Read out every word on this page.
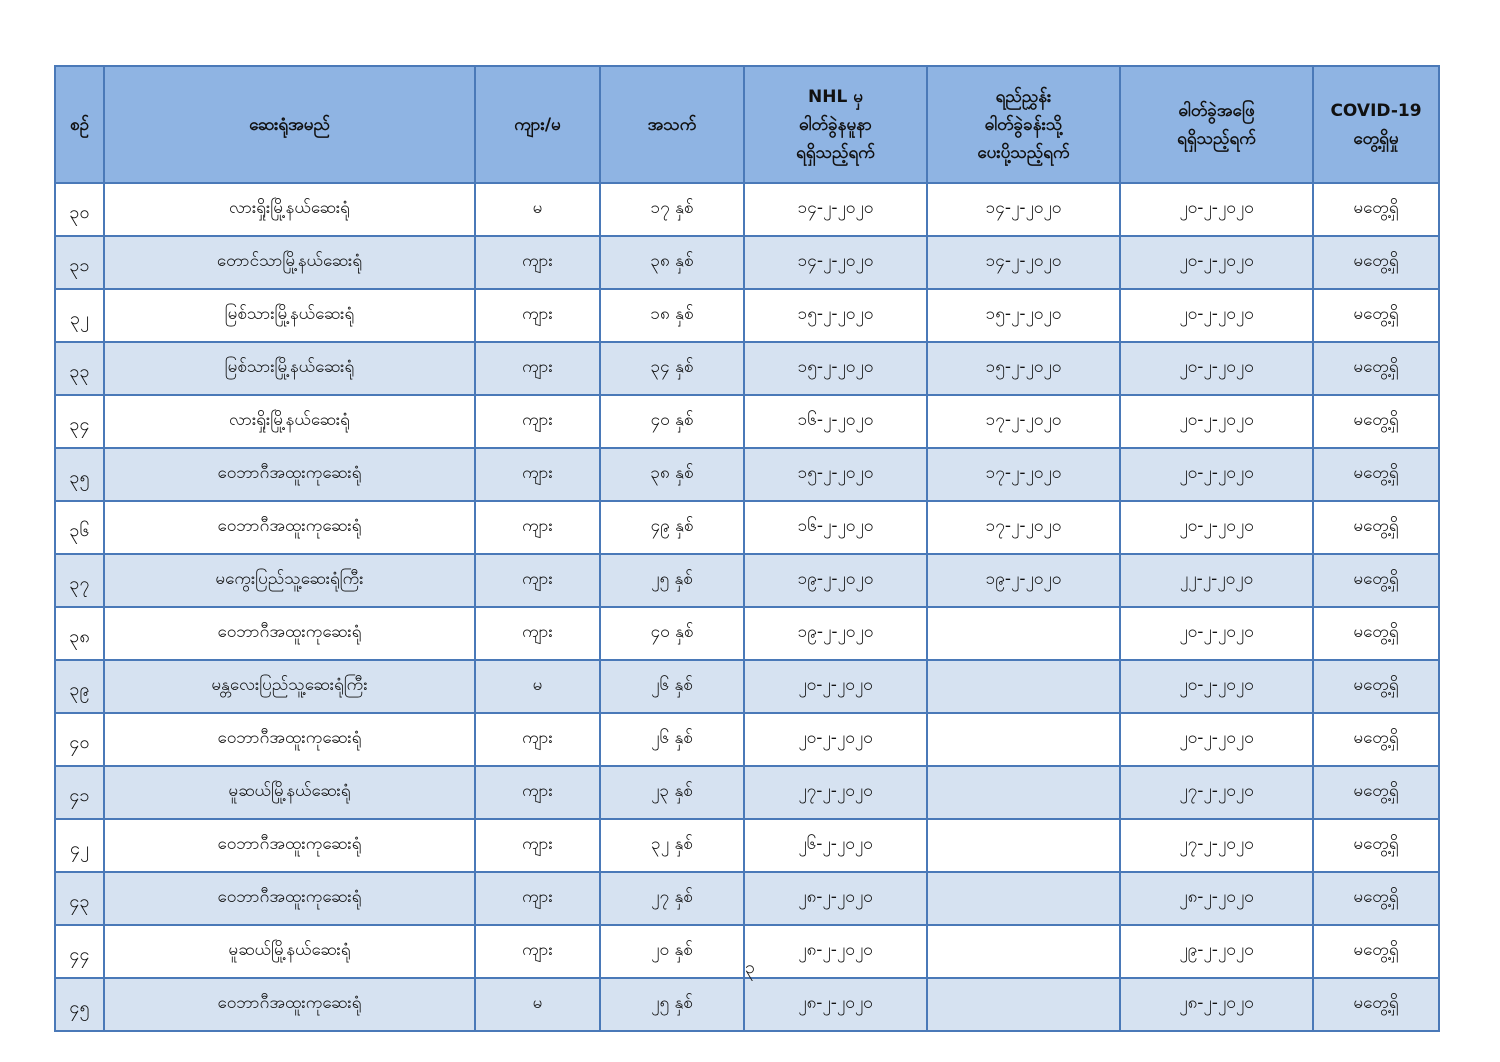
စဉ်	ဆေးရုံအမည်	ကျား/မ	အသက်	NHL မှ
ဓါတ်ခွဲနမူနာ
ရရှိသည့်ရက်	ရည်ညွှန်း
ဓါတ်ခွဲခန်းသို့
ပေးပို့သည့်ရက်	ဓါတ်ခွဲအဖြေ
ရရှိသည့်ရက်	COVID-19
တွေ့ရှိမှု

၃၀	လားရှိုးမြို့နယ်ဆေးရုံ	မ	၁၇ နှစ်	၁၄-၂-၂၀၂၀	၁၄-၂-၂၀၂၀	၂၀-၂-၂၀၂၀	မတွေ့ရှိ
၃၁	တောင်သာမြို့နယ်ဆေးရုံ	ကျား	၃၈ နှစ်	၁၄-၂-၂၀၂၀	၁၄-၂-၂၀၂၀	၂၀-၂-၂၀၂၀	မတွေ့ရှိ
၃၂	မြစ်သားမြို့နယ်ဆေးရုံ	ကျား	၁၈ နှစ်	၁၅-၂-၂၀၂၀	၁၅-၂-၂၀၂၀	၂၀-၂-၂၀၂၀	မတွေ့ရှိ
၃၃	မြစ်သားမြို့နယ်ဆေးရုံ	ကျား	၃၄ နှစ်	၁၅-၂-၂၀၂၀	၁၅-၂-၂၀၂၀	၂၀-၂-၂၀၂၀	မတွေ့ရှိ
၃၄	လားရှိုးမြို့နယ်ဆေးရုံ	ကျား	၄၀ နှစ်	၁၆-၂-၂၀၂၀	၁၇-၂-၂၀၂၀	၂၀-၂-၂၀၂၀	မတွေ့ရှိ
၃၅	ဝေဘာဂီအထူးကုဆေးရုံ	ကျား	၃၈ နှစ်	၁၅-၂-၂၀၂၀	၁၇-၂-၂၀၂၀	၂၀-၂-၂၀၂၀	မတွေ့ရှိ
၃၆	ဝေဘာဂီအထူးကုဆေးရုံ	ကျား	၄၉ နှစ်	၁၆-၂-၂၀၂၀	၁၇-၂-၂၀၂၀	၂၀-၂-၂၀၂၀	မတွေ့ရှိ
၃၇	မကွေးပြည်သူ့ဆေးရုံကြီး	ကျား	၂၅ နှစ်	၁၉-၂-၂၀၂၀	၁၉-၂-၂၀၂၀	၂၂-၂-၂၀၂၀	မတွေ့ရှိ
၃၈	ဝေဘာဂီအထူးကုဆေးရုံ	ကျား	၄၀ နှစ်	၁၉-၂-၂၀၂၀		၂၀-၂-၂၀၂၀	မတွေ့ရှိ
၃၉	မန္တလေးပြည်သူ့ဆေးရုံကြီး	မ	၂၆ နှစ်	၂၀-၂-၂၀၂၀		၂၀-၂-၂၀၂၀	မတွေ့ရှိ
၄၀	ဝေဘာဂီအထူးကုဆေးရုံ	ကျား	၂၆ နှစ်	၂၀-၂-၂၀၂၀		၂၀-၂-၂၀၂၀	မတွေ့ရှိ
၄၁	မူဆယ်မြို့နယ်ဆေးရုံ	ကျား	၂၃ နှစ်	၂၇-၂-၂၀၂၀		၂၇-၂-၂၀၂၀	မတွေ့ရှိ
၄၂	ဝေဘာဂီအထူးကုဆေးရုံ	ကျား	၃၂ နှစ်	၂၆-၂-၂၀၂၀		၂၇-၂-၂၀၂၀	မတွေ့ရှိ
၄၃	ဝေဘာဂီအထူးကုဆေးရုံ	ကျား	၂၇ နှစ်	၂၈-၂-၂၀၂၀		၂၈-၂-၂၀၂၀	မတွေ့ရှိ
၄၄	မူဆယ်မြို့နယ်ဆေးရုံ	ကျား	၂၀ နှစ်	၂၈-၂-၂၀၂၀		၂၉-၂-၂၀၂၀	မတွေ့ရှိ
၄၅	ဝေဘာဂီအထူးကုဆေးရုံ	မ	၂၅ နှစ်	၂၈-၂-၂၀၂၀		၂၈-၂-၂၀၂၀	မတွေ့ရှိ
၃
